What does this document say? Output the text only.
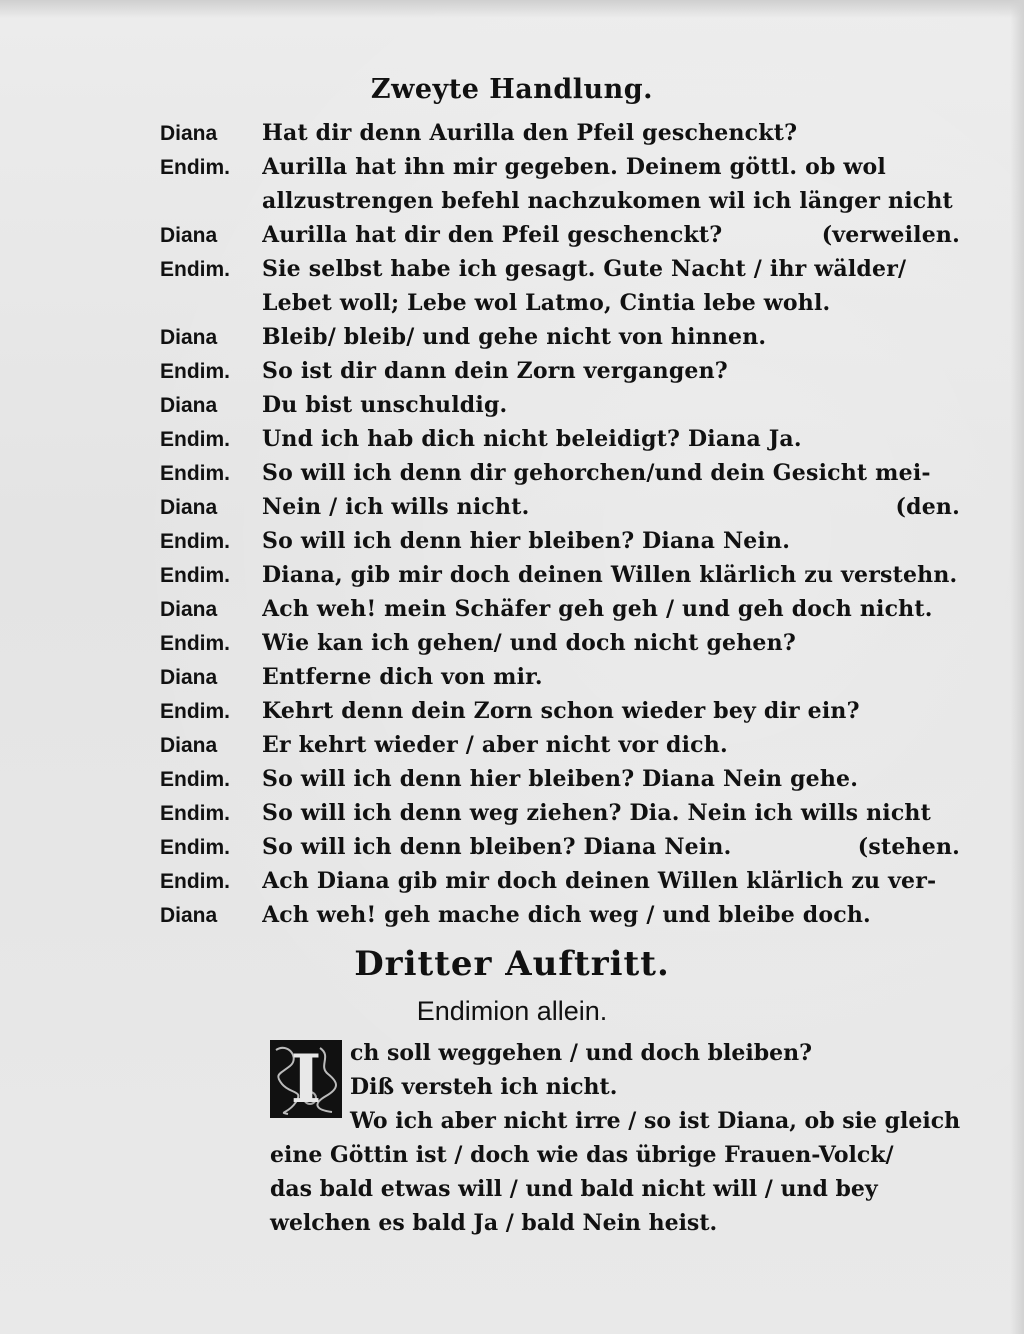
Zweyte Handlung.
Diana	Hat dir denn Aurilla den Pfeil geschenckt?
Endim.	Aurilla hat ihn mir gegeben. Deinem göttl. ob wol
allzustrengen befehl nachzukomen wil ich länger nicht
Diana	Aurilla hat dir den Pfeil geschenckt?	(verweilen.
Endim.	Sie selbst habe ich gesagt. Gute Nacht / ihr wälder/
Lebet woll; Lebe wol Latmo, Cintia lebe wohl.
Diana	Bleib/ bleib/ und gehe nicht von hinnen.
Endim.	So ist dir dann dein Zorn vergangen?
Diana	Du bist unschuldig.
Endim.	Und ich hab dich nicht beleidigt? Diana Ja.
Endim.	So will ich denn dir gehorchen/und dein Gesicht mei-
Diana	Nein / ich wills nicht.	(den.
Endim.	So will ich denn hier bleiben? Diana Nein.
Endim.	Diana, gib mir doch deinen Willen klärlich zu verstehn.
Diana	Ach weh! mein Schäfer geh geh / und geh doch nicht.
Endim.	Wie kan ich gehen/ und doch nicht gehen?
Diana	Entferne dich von mir.
Endim.	Kehrt denn dein Zorn schon wieder bey dir ein?
Diana	Er kehrt wieder / aber nicht vor dich.
Endim.	So will ich denn hier bleiben? Diana Nein gehe.
Endim.	So will ich denn weg ziehen? Dia. Nein ich wills nicht
Endim.	So will ich denn bleiben? Diana Nein.	(stehen.
Endim.	Ach Diana gib mir doch deinen Willen klärlich zu ver-
Diana	Ach weh! geh mache dich weg / und bleibe doch.
Dritter Auftritt.
Endimion allein.
I	ch soll weggehen / und doch bleiben?
Diß versteh ich nicht.
Wo ich aber nicht irre / so ist Diana, ob sie gleich
eine Göttin ist / doch wie das übrige Frauen-Volck/
das bald etwas will / und bald nicht will / und bey
welchen es bald Ja / bald Nein heist.
